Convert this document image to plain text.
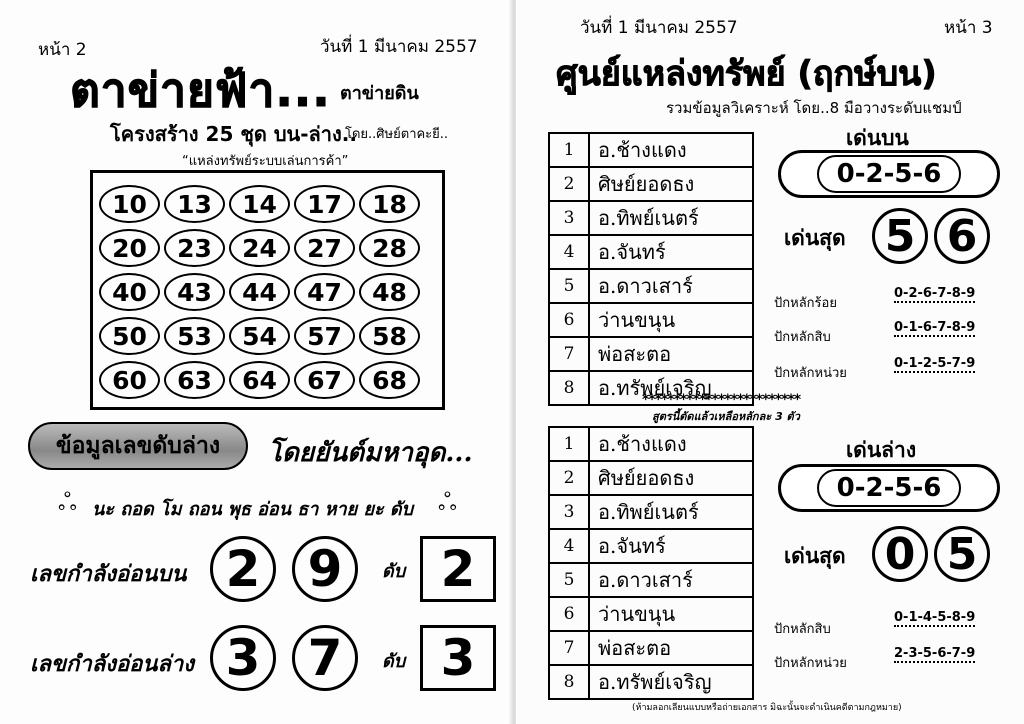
หน้า 2	วันที่ 1 มีนาคม 2557
ตาข่ายฟ้า... ตาข่ายดิน
โครงสร้าง 25 ชุด บน-ล่าง..
โดย..ศิษย์ตาคะยี..
“แหล่งทรัพย์ระบบเล่นการค้า”
10	13	14	17	18
20	23	24	27	28
40	43	44	47	48
50	53	54	57	58
60	63	64	67	68
ข้อมูลเลขดับล่าง	โดยยันต์มหาอุด...
ஃ นะ ถอด โม ถอน พุธ อ่อน ธา หาย ยะ ดับ ஃ
เลขกำลังอ่อนบน 2 9	ดับ 2
เลขกำลังอ่อนล่าง 3 7	ดับ 3
วันที่ 1 มีนาคม 2557	หน้า 3
ศูนย์แหล่งทรัพย์ (ฤกษ์บน)
รวมข้อมูลวิเคราะห์ โดย..8 มือวางระดับแชมป์
1	อ.ช้างแดง
2	ศิษย์ยอดธง
3	อ.ทิพย์เนตร์
4	อ.จันทร์
5	อ.ดาวเสาร์
6	ว่านขนุน
7	พ่อสะตอ
8	อ.ทรัพย์เจริญ
เด่นบน
0-2-5-6
เด่นสุด 5 6
ปักหลักร้อย
0-2-6-7-8-9
ปักหลักสิบ
0-1-6-7-8-9
ปักหลักหน่วย
0-1-2-5-7-9
*************************
สูตรนี้ตัดแล้วเหลือหลักละ 3 ตัว
1	อ.ช้างแดง
2	ศิษย์ยอดธง
3	อ.ทิพย์เนตร์
4	อ.จันทร์
5	อ.ดาวเสาร์
6	ว่านขนุน
7	พ่อสะตอ
8	อ.ทรัพย์เจริญ
เด่นล่าง
0-2-5-6
เด่นสุด 0 5
ปักหลักสิบ
0-1-4-5-8-9
ปักหลักหน่วย
2-3-5-6-7-9
(ห้ามลอกเลียนแบบหรือถ่ายเอกสาร มิฉะนั้นจะดำเนินคดีตามกฎหมาย)
